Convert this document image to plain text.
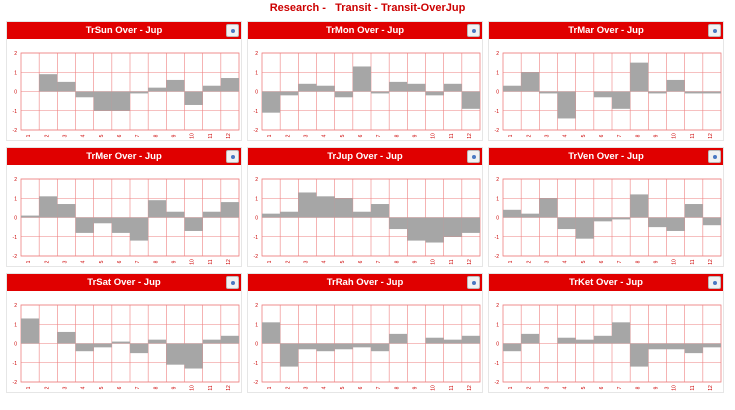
Research -   Transit - Transit-OverJup
TrSun Over - Jup
2
1
0
-1
-2
1 2 3 4 5 6 7 8 9 10 11 12
TrMon Over - Jup
2
1
0
-1
-2
1 2 3 4 5 6 7 8 9 10 11 12
TrMar Over - Jup
2
1
0
-1
-2
1 2 3 4 5 6 7 8 9 10 11 12
TrMer Over - Jup
2
1
0
-1
-2
1 2 3 4 5 6 7 8 9 10 11 12
TrJup Over - Jup
2
1
0
-1
-2
1 2 3 4 5 6 7 8 9 10 11 12
TrVen Over - Jup
2
1
0
-1
-2
1 2 3 4 5 6 7 8 9 10 11 12
TrSat Over - Jup
2
1
0
-1
-2
1 2 3 4 5 6 7 8 9 10 11 12
TrRah Over - Jup
2
1
0
-1
-2
1 2 3 4 5 6 7 8 9 10 11 12
TrKet Over - Jup
2
1
0
-1
-2
1 2 3 4 5 6 7 8 9 10 11 12
